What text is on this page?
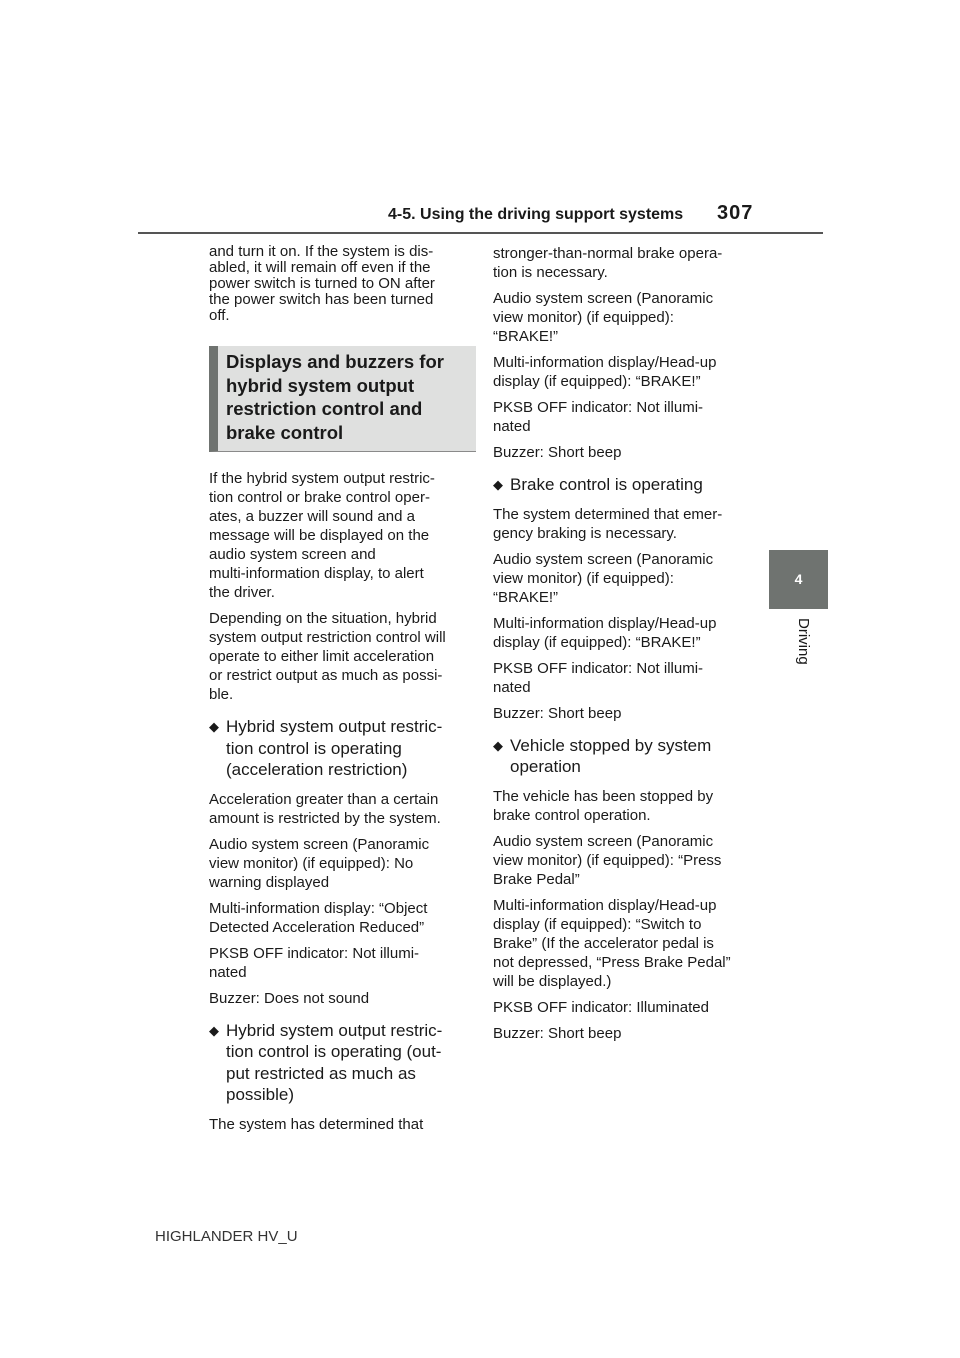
4-5. Using the driving support systems 307
4
Driving

and turn it on. If the system is dis-
abled, it will remain off even if the
power switch is turned to ON after
the power switch has been turned
off.

Displays and buzzers for
hybrid system output
restriction control and
brake control

If the hybrid system output restric-
tion control or brake control oper-
ates, a buzzer will sound and a
message will be displayed on the
audio system screen and
multi-information display, to alert
the driver.

Depending on the situation, hybrid
system output restriction control will
operate to either limit acceleration
or restrict output as much as possi-
ble.

◆ Hybrid system output restric-
tion control is operating
(acceleration restriction)

Acceleration greater than a certain
amount is restricted by the system.

Audio system screen (Panoramic
view monitor) (if equipped): No
warning displayed

Multi-information display: “Object
Detected Acceleration Reduced”

PKSB OFF indicator: Not illumi-
nated

Buzzer: Does not sound

◆ Hybrid system output restric-
tion control is operating (out-
put restricted as much as
possible)

The system has determined that

stronger-than-normal brake opera-
tion is necessary.

Audio system screen (Panoramic
view monitor) (if equipped):
“BRAKE!”

Multi-information display/Head-up
display (if equipped): “BRAKE!”

PKSB OFF indicator: Not illumi-
nated

Buzzer: Short beep

◆ Brake control is operating

The system determined that emer-
gency braking is necessary.

Audio system screen (Panoramic
view monitor) (if equipped):
“BRAKE!”

Multi-information display/Head-up
display (if equipped): “BRAKE!”

PKSB OFF indicator: Not illumi-
nated

Buzzer: Short beep

◆ Vehicle stopped by system
operation

The vehicle has been stopped by
brake control operation.

Audio system screen (Panoramic
view monitor) (if equipped): “Press
Brake Pedal”

Multi-information display/Head-up
display (if equipped): “Switch to
Brake” (If the accelerator pedal is
not depressed, “Press Brake Pedal”
will be displayed.)

PKSB OFF indicator: Illuminated

Buzzer: Short beep

HIGHLANDER HV_U
